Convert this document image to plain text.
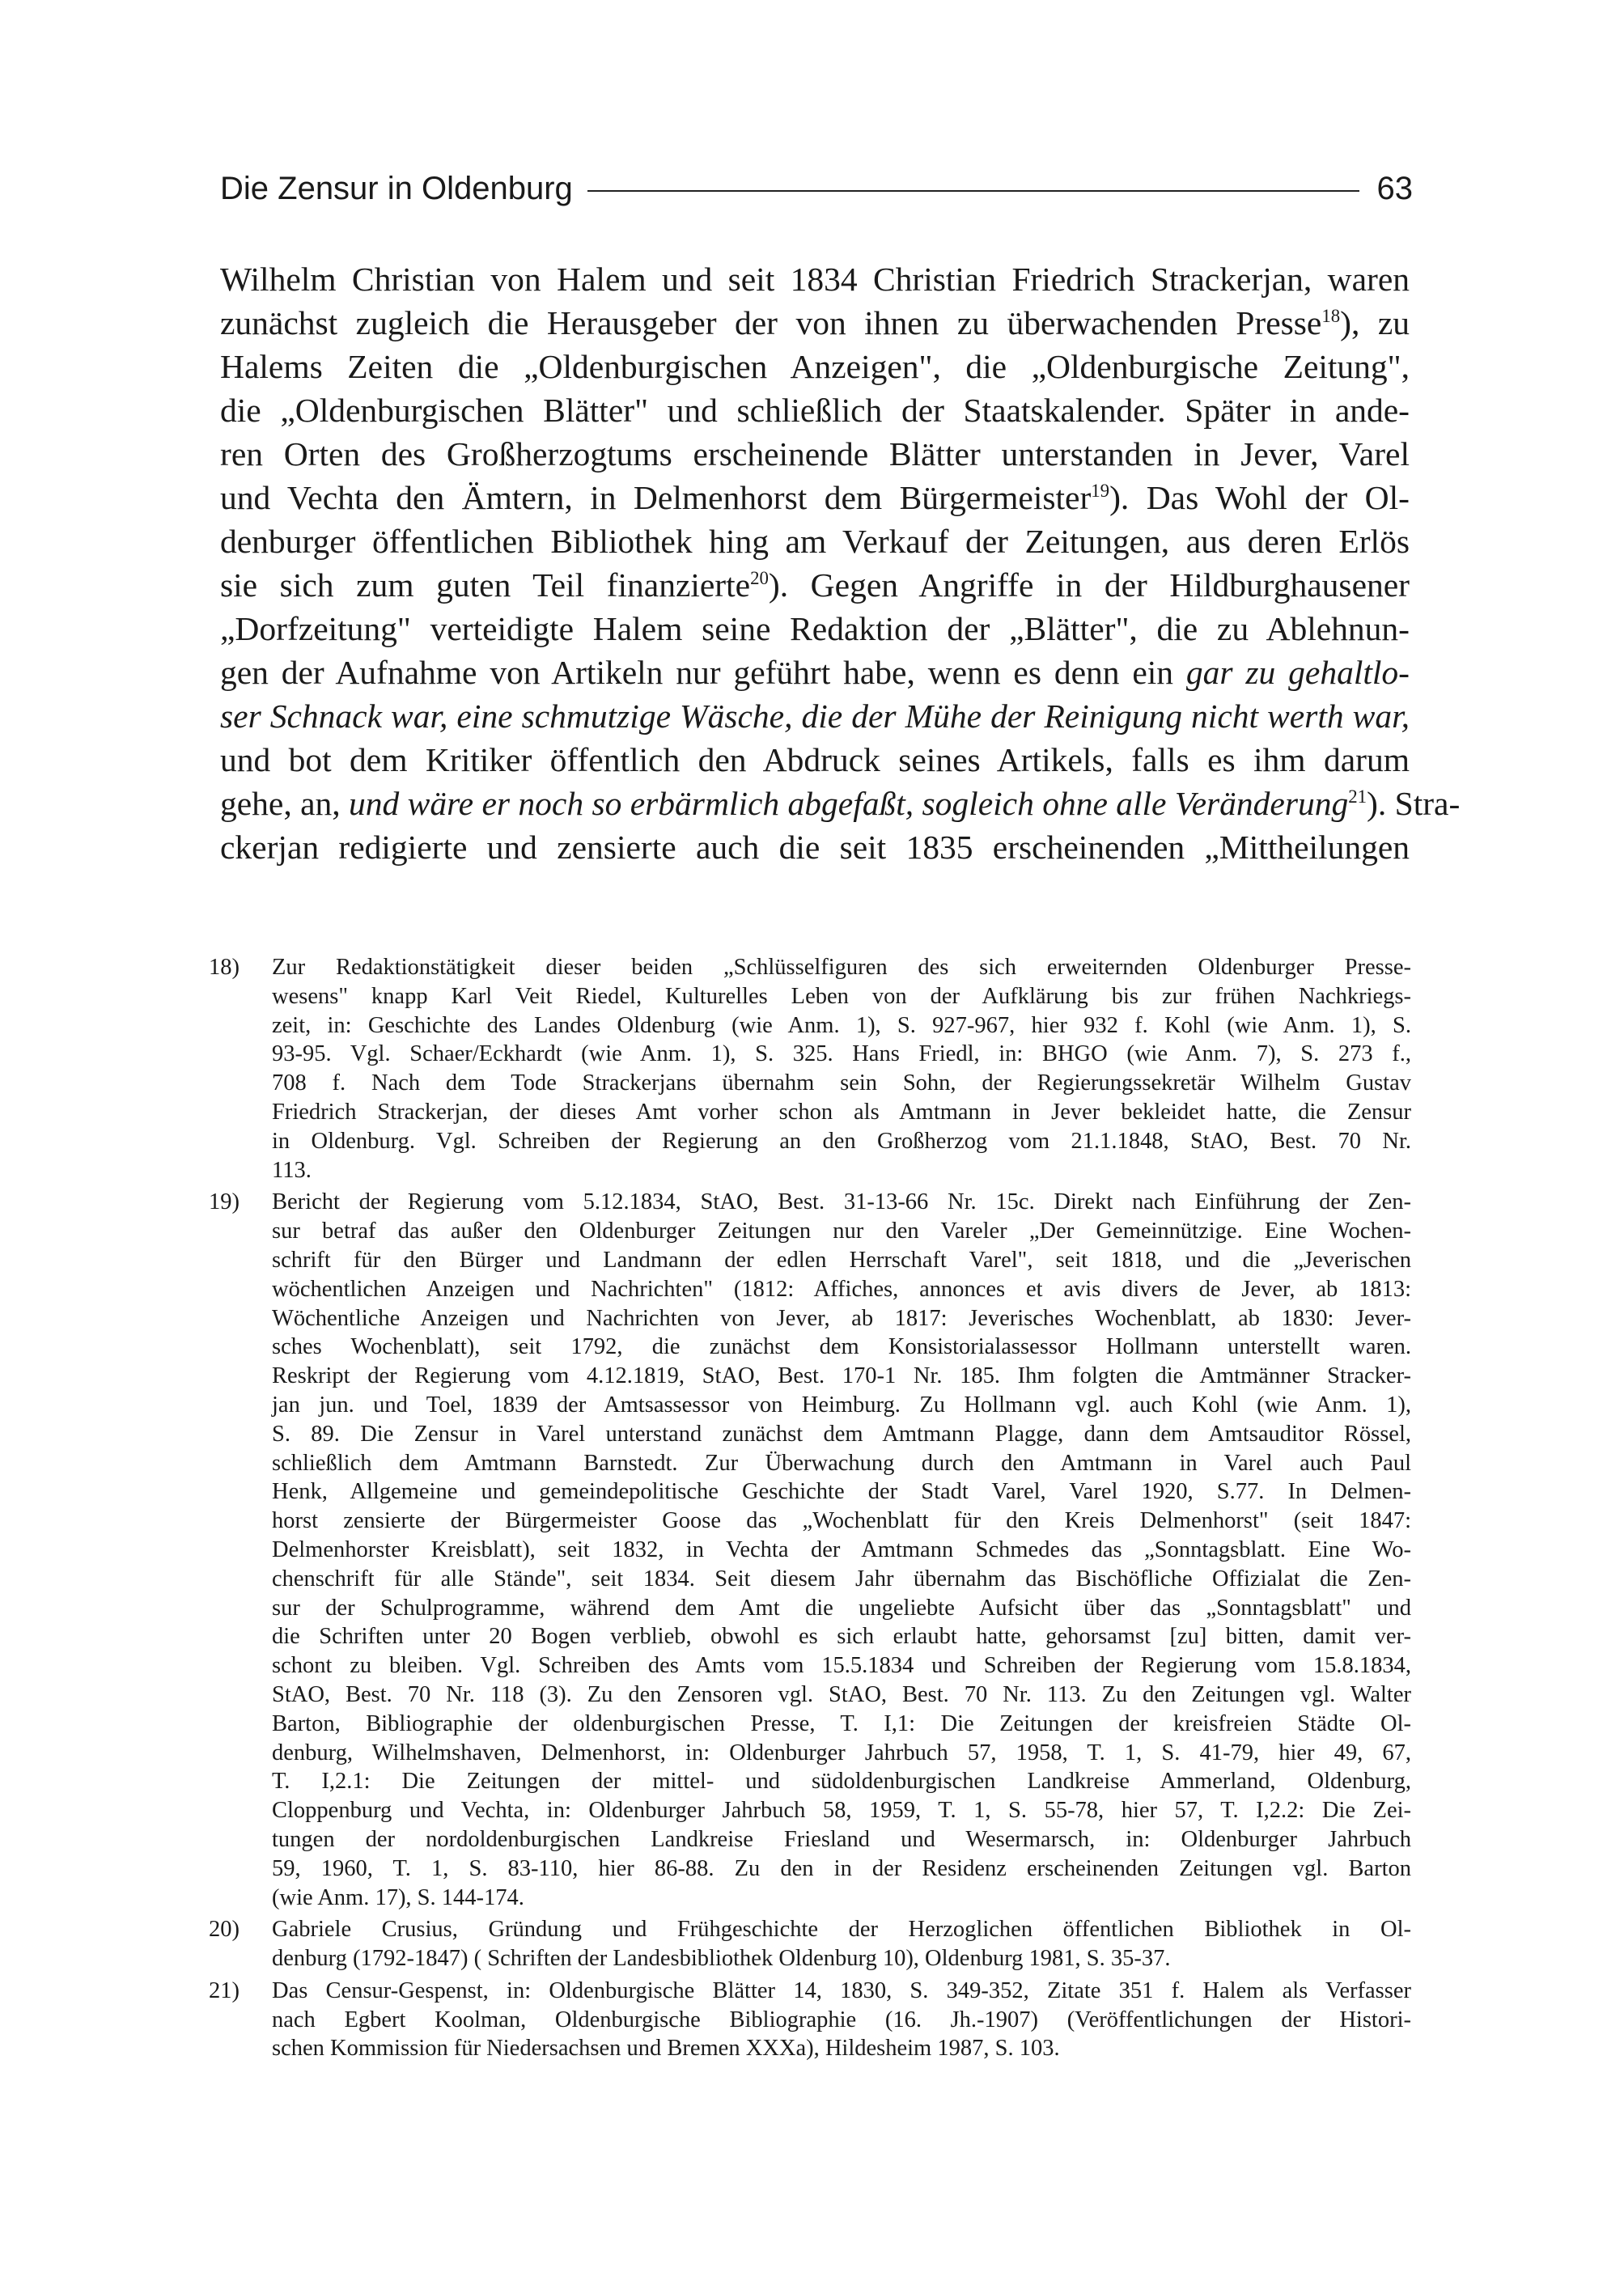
Die Zensur in Oldenburg	63
Wilhelm Christian von Halem und seit 1834 Christian Friedrich Strackerjan, waren
zunächst zugleich die Herausgeber der von ihnen zu überwachenden Presse$^{18}$), zu
Halems Zeiten die „Oldenburgischen Anzeigen", die „Oldenburgische Zeitung",
die „Oldenburgischen Blätter" und schließlich der Staatskalender. Später in ande-
ren Orten des Großherzogtums erscheinende Blätter unterstanden in Jever, Varel
und Vechta den Ämtern, in Delmenhorst dem Bürgermeister$^{19}$). Das Wohl der Ol-
denburger öffentlichen Bibliothek hing am Verkauf der Zeitungen, aus deren Erlös
sie sich zum guten Teil finanzierte$^{20}$). Gegen Angriffe in der Hildburghausener
„Dorfzeitung" verteidigte Halem seine Redaktion der „Blätter", die zu Ablehnun-
gen der Aufnahme von Artikeln nur geführt habe, wenn es denn ein gar zu gehaltlo-
ser Schnack war, eine schmutzige Wäsche, die der Mühe der Reinigung nicht werth war,
und bot dem Kritiker öffentlich den Abdruck seines Artikels, falls es ihm darum
gehe, an, und wäre er noch so erbärmlich abgefaßt, sogleich ohne alle Veränderung$^{21}$). Stra-
ckerjan redigierte und zensierte auch die seit 1835 erscheinenden „Mittheilungen
18)	Zur Redaktionstätigkeit dieser beiden „Schlüsselfiguren des sich erweiternden Oldenburger Presse-
wesens" knapp Karl Veit Riedel, Kulturelles Leben von der Aufklärung bis zur frühen Nachkriegs-
zeit, in: Geschichte des Landes Oldenburg (wie Anm. 1), S. 927-967, hier 932 f. Kohl (wie Anm. 1), S.
93-95. Vgl. Schaer/Eckhardt (wie Anm. 1), S. 325. Hans Friedl, in: BHGO (wie Anm. 7), S. 273 f.,
708 f. Nach dem Tode Strackerjans übernahm sein Sohn, der Regierungssekretär Wilhelm Gustav
Friedrich Strackerjan, der dieses Amt vorher schon als Amtmann in Jever bekleidet hatte, die Zensur
in Oldenburg. Vgl. Schreiben der Regierung an den Großherzog vom 21.1.1848, StAO, Best. 70 Nr.
113.
19)	Bericht der Regierung vom 5.12.1834, StAO, Best. 31-13-66 Nr. 15c. Direkt nach Einführung der Zen-
sur betraf das außer den Oldenburger Zeitungen nur den Vareler „Der Gemeinnützige. Eine Wochen-
schrift für den Bürger und Landmann der edlen Herrschaft Varel", seit 1818, und die „Jeverischen
wöchentlichen Anzeigen und Nachrichten" (1812: Affiches, annonces et avis divers de Jever, ab 1813:
Wöchentliche Anzeigen und Nachrichten von Jever, ab 1817: Jeverisches Wochenblatt, ab 1830: Jever-
sches Wochenblatt), seit 1792, die zunächst dem Konsistorialassessor Hollmann unterstellt waren.
Reskript der Regierung vom 4.12.1819, StAO, Best. 170-1 Nr. 185. Ihm folgten die Amtmänner Stracker-
jan jun. und Toel, 1839 der Amtsassessor von Heimburg. Zu Hollmann vgl. auch Kohl (wie Anm. 1),
S. 89. Die Zensur in Varel unterstand zunächst dem Amtmann Plagge, dann dem Amtsauditor Rössel,
schließlich dem Amtmann Barnstedt. Zur Überwachung durch den Amtmann in Varel auch Paul
Henk, Allgemeine und gemeindepolitische Geschichte der Stadt Varel, Varel 1920, S.77. In Delmen-
horst zensierte der Bürgermeister Goose das „Wochenblatt für den Kreis Delmenhorst" (seit 1847:
Delmenhorster Kreisblatt), seit 1832, in Vechta der Amtmann Schmedes das „Sonntagsblatt. Eine Wo-
chenschrift für alle Stände", seit 1834. Seit diesem Jahr übernahm das Bischöfliche Offizialat die Zen-
sur der Schulprogramme, während dem Amt die ungeliebte Aufsicht über das „Sonntagsblatt" und
die Schriften unter 20 Bogen verblieb, obwohl es sich erlaubt hatte, gehorsamst [zu] bitten, damit ver-
schont zu bleiben. Vgl. Schreiben des Amts vom 15.5.1834 und Schreiben der Regierung vom 15.8.1834,
StAO, Best. 70 Nr. 118 (3). Zu den Zensoren vgl. StAO, Best. 70 Nr. 113. Zu den Zeitungen vgl. Walter
Barton, Bibliographie der oldenburgischen Presse, T. I,1: Die Zeitungen der kreisfreien Städte Ol-
denburg, Wilhelmshaven, Delmenhorst, in: Oldenburger Jahrbuch 57, 1958, T. 1, S. 41-79, hier 49, 67,
T. I,2.1: Die Zeitungen der mittel- und südoldenburgischen Landkreise Ammerland, Oldenburg,
Cloppenburg und Vechta, in: Oldenburger Jahrbuch 58, 1959, T. 1, S. 55-78, hier 57, T. I,2.2: Die Zei-
tungen der nordoldenburgischen Landkreise Friesland und Wesermarsch, in: Oldenburger Jahrbuch
59, 1960, T. 1, S. 83-110, hier 86-88. Zu den in der Residenz erscheinenden Zeitungen vgl. Barton
(wie Anm. 17), S. 144-174.
20)	Gabriele Crusius, Gründung und Frühgeschichte der Herzoglichen öffentlichen Bibliothek in Ol-
denburg (1792-1847) ( Schriften der Landesbibliothek Oldenburg 10), Oldenburg 1981, S. 35-37.
21)	Das Censur-Gespenst, in: Oldenburgische Blätter 14, 1830, S. 349-352, Zitate 351 f. Halem als Verfasser
nach Egbert Koolman, Oldenburgische Bibliographie (16. Jh.-1907) (Veröffentlichungen der Histori-
schen Kommission für Niedersachsen und Bremen XXXa), Hildesheim 1987, S. 103.
